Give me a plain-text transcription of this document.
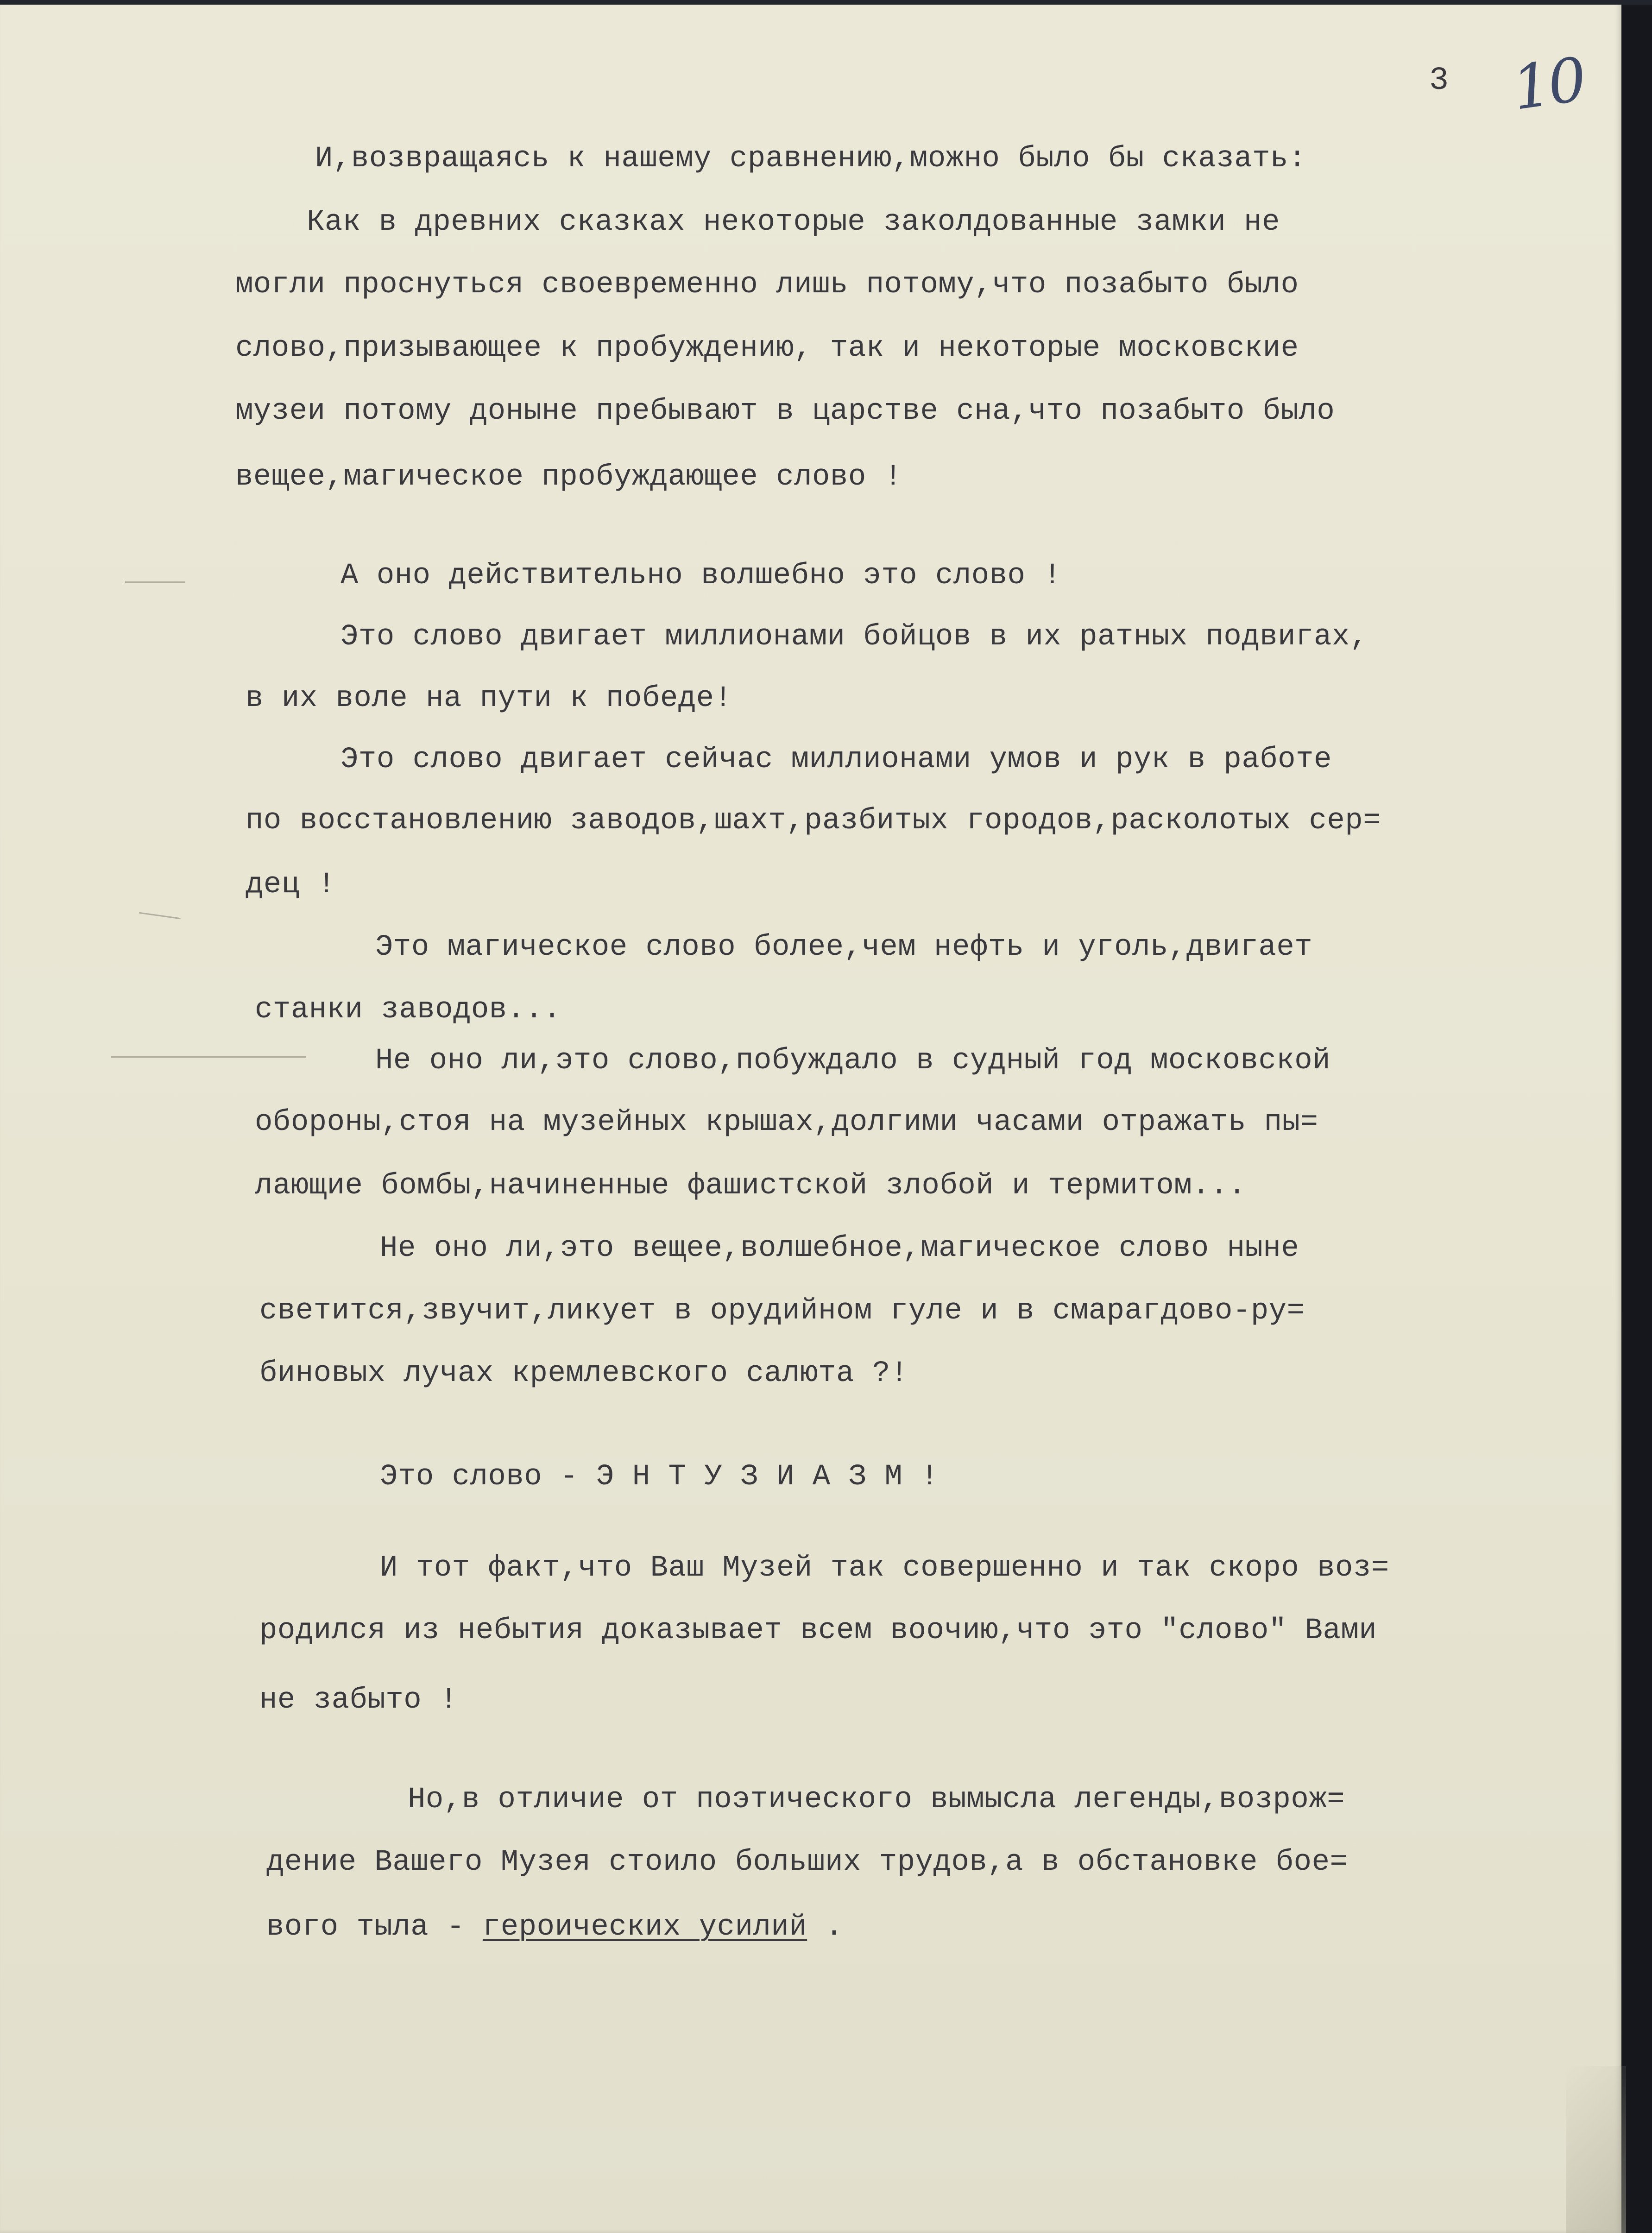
3 10
И,возвращаясь к нашему сравнению,можно было бы сказать:
Как в древних сказках некоторые заколдованные замки не
могли проснуться своевременно лишь потому,что позабыто было
слово,призывающее к пробуждению, так и некоторые московские
музеи потому доныне пребывают в царстве сна,что позабыто было
вещее,магическое пробуждающее слово !
А оно действительно волшебно это слово !
Это слово двигает миллионами бойцов в их ратных подвигах,
в их воле на пути к победе!
Это слово двигает сейчас миллионами умов и рук в работе
по восстановлению заводов,шахт,разбитых городов,расколотых сер=
дец !
Это магическое слово более,чем нефть и уголь,двигает
станки заводов...
Не оно ли,это слово,побуждало в судный год московской
обороны,стоя на музейных крышах,долгими часами отражать пы=
лающие бомбы,начиненные фашистской злобой и термитом...
Не оно ли,это вещее,волшебное,магическое слово ныне
светится,звучит,ликует в орудийном гуле и в смарагдово-ру=
биновых лучах кремлевского салюта ?!
Это слово - Э Н Т У З И А З М !
И тот факт,что Ваш Музей так совершенно и так скоро воз=
родился из небытия доказывает всем воочию,что это "слово" Вами
не забыто !
Но,в отличие от поэтического вымысла легенды,возрож=
дение Вашего Музея стоило больших трудов,а в обстановке бое=
вого тыла - героических усилий .
